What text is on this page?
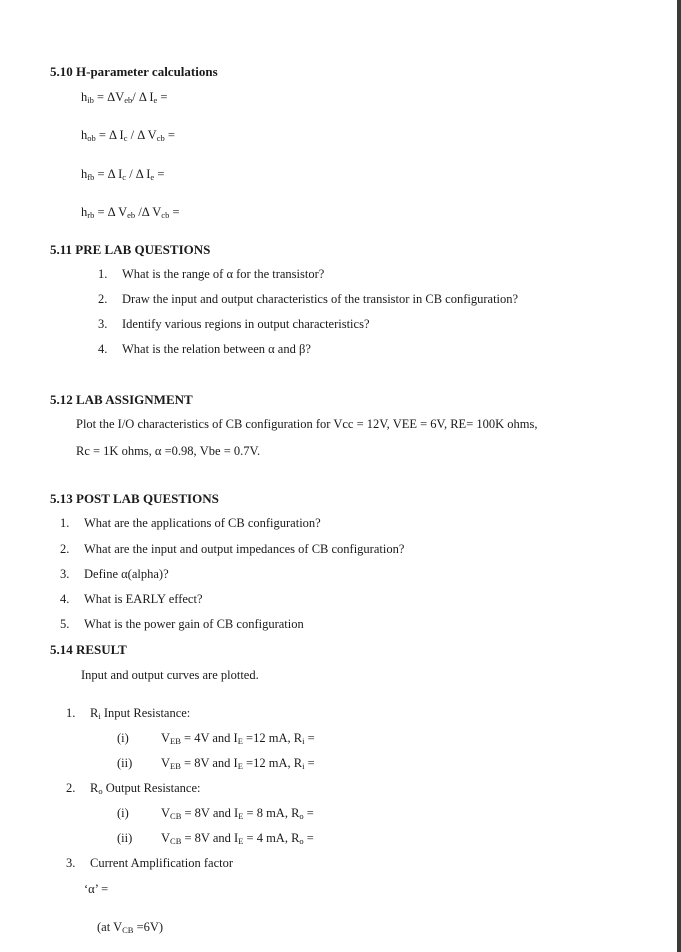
5.10 H-parameter calculations
$h_{ib} = \Delta V_{eb}/$ Δ $I_e$ =
$h_{ob} = \Delta$ $I_c$ / Δ $V_{cb}$ =
$h_{fb} = \Delta$ $I_c$ / Δ $I_e$ =
$h_{rb} = \Delta$ $V_{eb}$ /Δ $V_{cb}$ =
5.11 PRE LAB QUESTIONS
1. What is the range of α for the transistor?
2. Draw the input and output characteristics of the transistor in CB configuration?
3. Identify various regions in output characteristics?
4. What is the relation between α and β?
5.12 LAB ASSIGNMENT
Plot the I/O characteristics of CB configuration for Vcc = 12V, VEE = 6V, RE= 100K ohms,
Rc = 1K ohms, α =0.98, Vbe = 0.7V.
5.13 POST LAB QUESTIONS
1. What are the applications of CB configuration?
2. What are the input and output impedances of CB configuration?
3. Define α(alpha)?
4. What is EARLY effect?
5. What is the power gain of CB configuration
5.14 RESULT
Input and output curves are plotted.
1. $R_i$ Input Resistance:
(i)	$V_{EB} = 4V$ and $I_E =12$ mA, $R_i$ =
(ii) $V_{EB} = 8V$ and $I_E =12$ mA, $R_i$ =
2. $R_o$ Output Resistance:
(i)	$V_{CB} = 8V$ and $I_E = 8$ mA, $R_o$ =
(ii) $V_{CB} = 8V$ and $I_E = 4$ mA, $R_o$ =
3. Current Amplification factor
‘α’ =
(at $V_{CB} =6V$)
